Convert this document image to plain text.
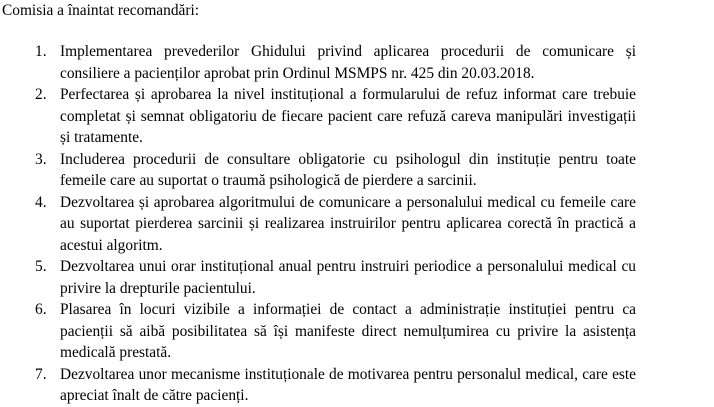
Comisia a înaintat recomandări:

1. Implementarea prevederilor Ghidului privind aplicarea procedurii de comunicare și consiliere a pacienților aprobat prin Ordinul MSMPS nr. 425 din 20.03.2018.
2. Perfectarea și aprobarea la nivel instituțional a formularului de refuz informat care trebuie completat și semnat obligatoriu de fiecare pacient care refuză careva manipulări investigații și tratamente.
3. Includerea procedurii de consultare obligatorie cu psihologul din instituție pentru toate femeile care au suportat o traumă psihologică de pierdere a sarcinii.
4. Dezvoltarea și aprobarea algoritmului de comunicare a personalului medical cu femeile care au suportat pierderea sarcinii și realizarea instruirilor pentru aplicarea corectă în practică a acestui algoritm.
5. Dezvoltarea unui orar instituțional anual pentru instruiri periodice a personalului medical cu privire la drepturile pacientului.
6. Plasarea în locuri vizibile a informației de contact a administrație instituției pentru ca pacienții să aibă posibilitatea să își manifeste direct nemulțumirea cu privire la asistența medicală prestată.
7. Dezvoltarea unor mecanisme instituționale de motivarea pentru personalul medical, care este apreciat înalt de către pacienți.
